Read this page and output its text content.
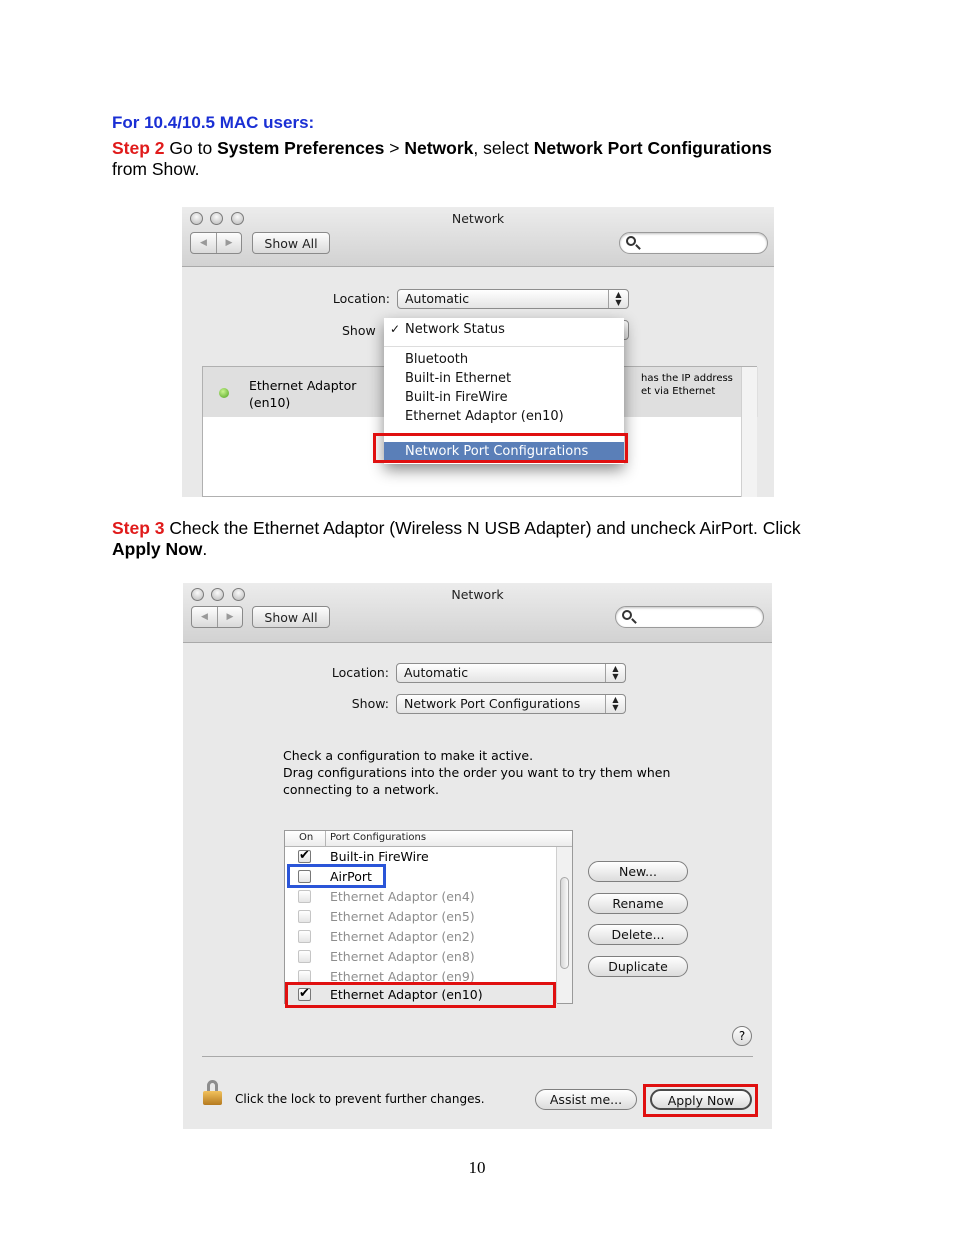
For 10.4/10.5 MAC users:
Step 2 Go to System Preferences > Network, select Network Port Configurations
from Show.
Step 3 Check the Ethernet Adaptor (Wireless N USB Adapter) and uncheck AirPort. Click Apply Now.
Network
◀	▶	Show All
Location:	Automatic	▲
▼
Show

Ethernet Adaptor
(en10)
has the IP address
et via Ethernet
✓ Network Status
Bluetooth
Built-in Ethernet
Built-in FireWire
Ethernet Adaptor (en10)
Network Port Configurations
Network
◀	▶	Show All
Location:	Automatic	▲
▼
Show:	Network Port Configurations	▲
▼
Check a configuration to make it active.
Drag configurations into the order you want to try them when
connecting to a network.
On	Port Configurations
✔ Built-in FireWire
AirPort
Ethernet Adaptor (en4)
Ethernet Adaptor (en5)
Ethernet Adaptor (en2)
Ethernet Adaptor (en8)
Ethernet Adaptor (en9)
✔ Ethernet Adaptor (en10)
New...
Rename
Delete...
Duplicate
?
Click the lock to prevent further changes.	Assist me...	Apply Now
10
